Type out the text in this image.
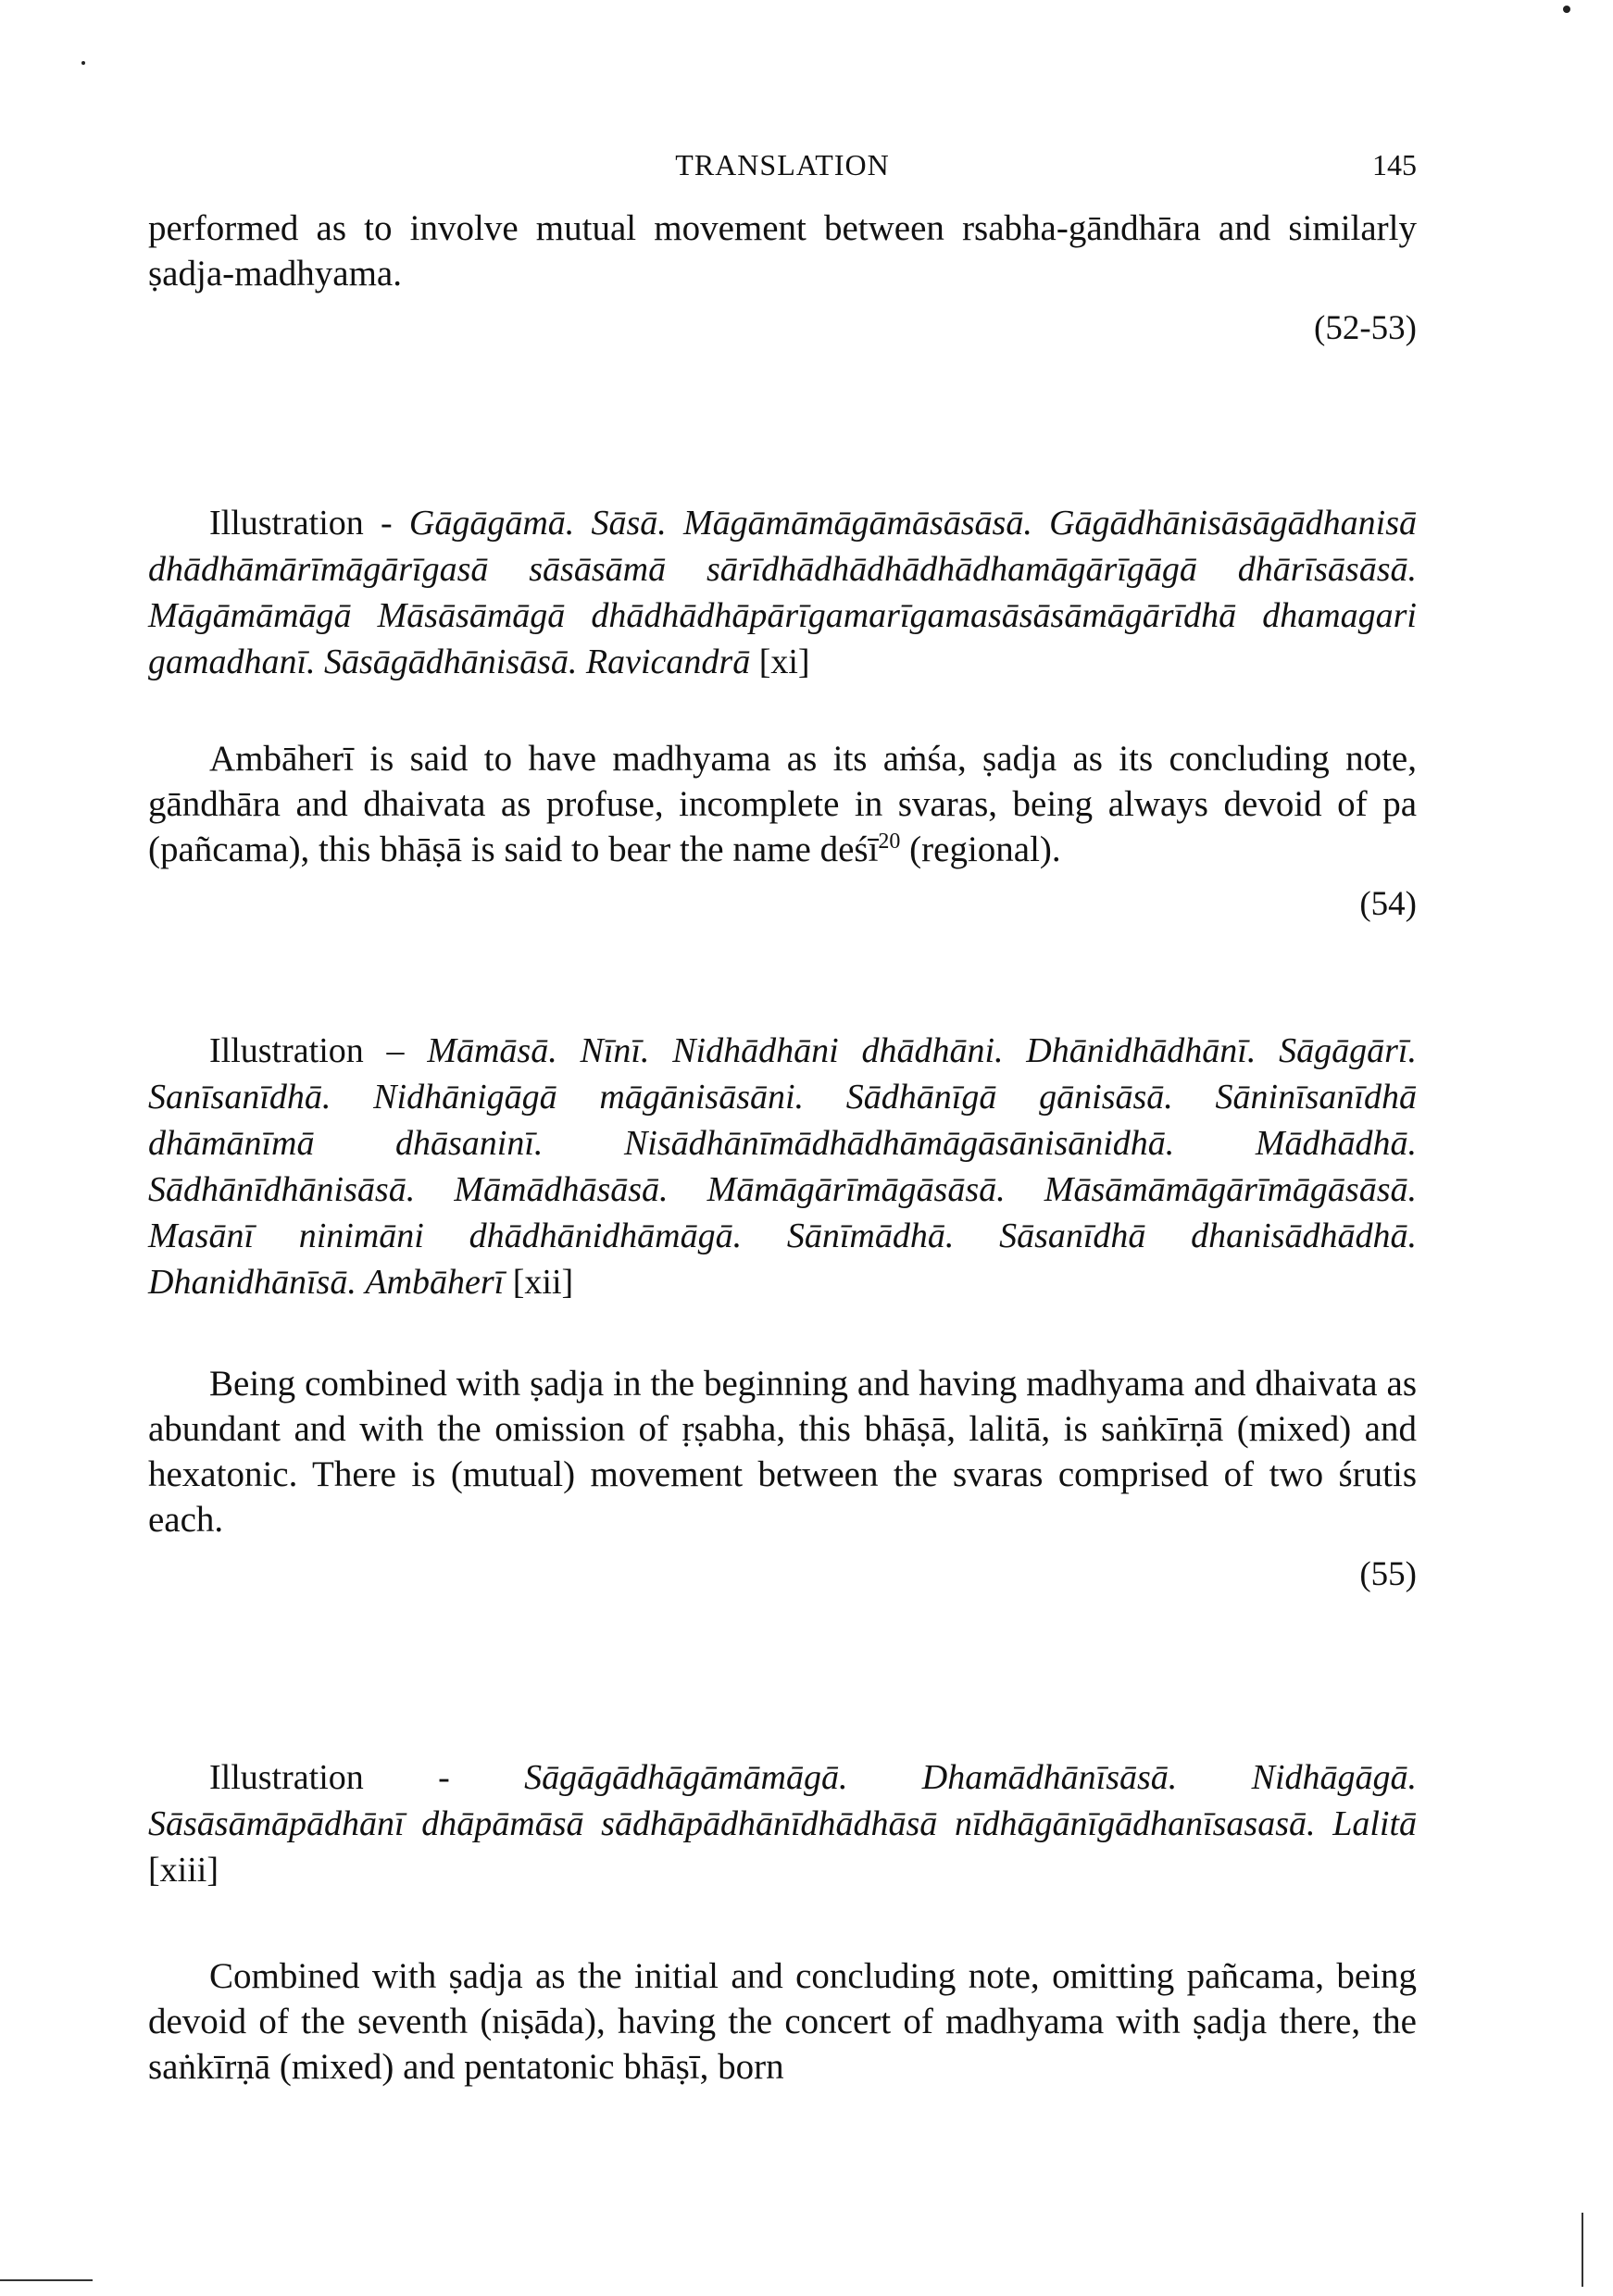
TRANSLATION	145

performed as to involve mutual movement between rsabha-gāndhāra and similarly ṣadja-madhyama.

(52-53)

Illustration - Gāgāgāmā. Sāsā. Māgāmāmāgāmāsāsāsā. Gāgādhānisāsāgādhanisā dhādhāmārīmāgārīgasā sāsāsāmā sārīdhādhādhādhādhamāgārīgāgā dhārīsāsāsā. Māgāmāmāgā Māsāsāmāgā dhādhādhāpārīgamarīgamasāsāsāmāgārīdhā dhamagari gamadhanī. Sāsāgādhānisāsā. Ravicandrā [xi]

Ambāherī is said to have madhyama as its aṁśa, ṣadja as its concluding note, gāndhāra and dhaivata as profuse, incomplete in svaras, being always devoid of pa (pañcama), this bhāṣā is said to bear the name deśī$^{20}$ (regional).

(54)

Illustration – Māmāsā. Nīnī. Nidhādhāni dhādhāni. Dhānidhādhānī. Sāgāgārī. Sanīsanīdhā. Nidhānigāgā māgānisāsāni. Sādhānīgā gānisāsā. Sāninīsanīdhā dhāmānīmā dhāsaninī. Nisādhānīmādhādhāmāgāsānisānidhā. Mādhādhā. Sādhānīdhānisāsā. Māmādhāsāsā. Māmāgārīmāgāsāsā. Māsāmāmāgārīmāgāsāsā. Masānī ninimāni dhādhānidhāmāgā. Sānīmādhā. Sāsanīdhā dhanisādhādhā. Dhanidhānīsā. Ambāherī [xii]

Being combined with ṣadja in the beginning and having madhyama and dhaivata as abundant and with the omission of ṛṣabha, this bhāṣā, lalitā, is saṅkīrṇā (mixed) and hexatonic. There is (mutual) movement between the svaras comprised of two śrutis each.

(55)

Illustration - Sāgāgādhāgāmāmāgā. Dhamādhānīsāsā. Nidhāgāgā. Sāsāsāmāpādhānī dhāpāmāsā sādhāpādhānīdhādhāsā nīdhāgānīgādhanīsasasā. Lalitā [xiii]

Combined with ṣadja as the initial and concluding note, omitting pañcama, being devoid of the seventh (niṣāda), having the concert of madhyama with ṣadja there, the saṅkīrṇā (mixed) and pentatonic bhāṣī, born
